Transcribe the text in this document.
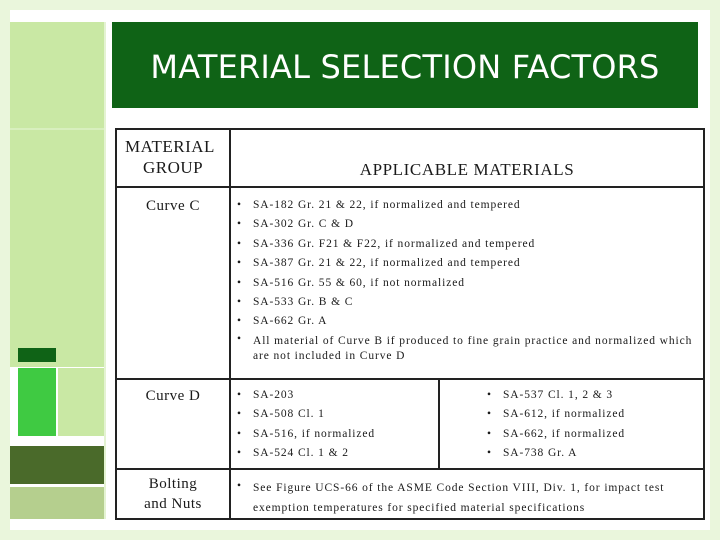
MATERIAL SELECTION FACTORS
MATERIAL
GROUP	APPLICABLE MATERIALS
Curve C	• SA-182 Gr. 21 & 22, if normalized and tempered
• SA-302 Gr. C & D
• SA-336 Gr. F21 & F22, if normalized and tempered
• SA-387 Gr. 21 & 22, if normalized and tempered
• SA-516 Gr. 55 & 60, if not normalized
• SA-533 Gr. B & C
• SA-662 Gr. A
• All material of Curve B if produced to fine grain practice and normalized which are not included in Curve D
Curve D	• SA-203
• SA-508 Cl. 1
• SA-516, if normalized
• SA-524 Cl. 1 & 2
• SA-537 Cl. 1, 2 & 3
• SA-612, if normalized
• SA-662, if normalized
• SA-738 Gr. A
Bolting
and Nuts
• See Figure UCS-66 of the ASME Code Section VIII, Div. 1, for impact test exemption temperatures for specified material specifications
